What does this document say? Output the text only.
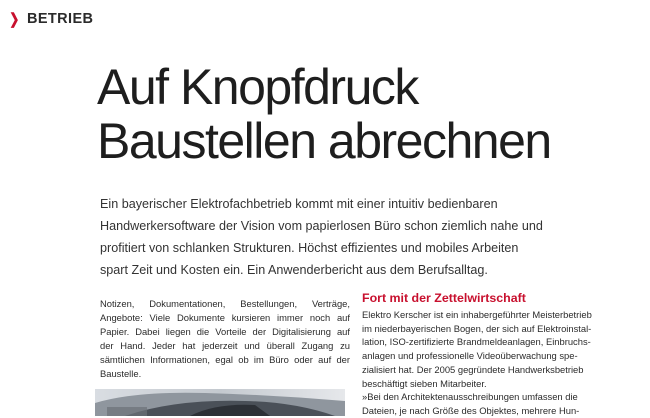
❯ BETRIEB
Auf Knopfdruck
Baustellen abrechnen

Ein bayerischer Elektrofachbetrieb kommt mit einer intuitiv bedienbaren
Handwerkersoftware der Vision vom papierlosen Büro schon ziemlich nahe und
profitiert von schlanken Strukturen. Höchst effizientes und mobiles Arbeiten
spart Zeit und Kosten ein. Ein Anwenderbericht aus dem Berufsalltag.

Notizen, Dokumentationen, Bestellungen, Verträge,
Angebote: Viele Dokumente kursieren immer noch auf
Papier. Dabei liegen die Vorteile der Digitalisierung auf
der Hand. Jeder hat jederzeit und überall Zugang zu
sämtlichen Informationen, egal ob im Büro oder auf der
Baustelle.

Fort mit der Zettelwirtschaft

Elektro Kerscher ist ein inhabergeführter Meisterbetrieb
im niederbayerischen Bogen, der sich auf Elektroinstal-
lation, ISO-zertifizierte Brandmeldeanlagen, Einbruchs-
anlagen und professionelle Videoüberwachung spe-
zialisiert hat. Der 2005 gegründete Handwerksbetrieb
beschäftigt sieben Mitarbeiter.
»Bei den Architektenausschreibungen umfassen die
Dateien, je nach Größe des Objektes, mehrere Hun-
